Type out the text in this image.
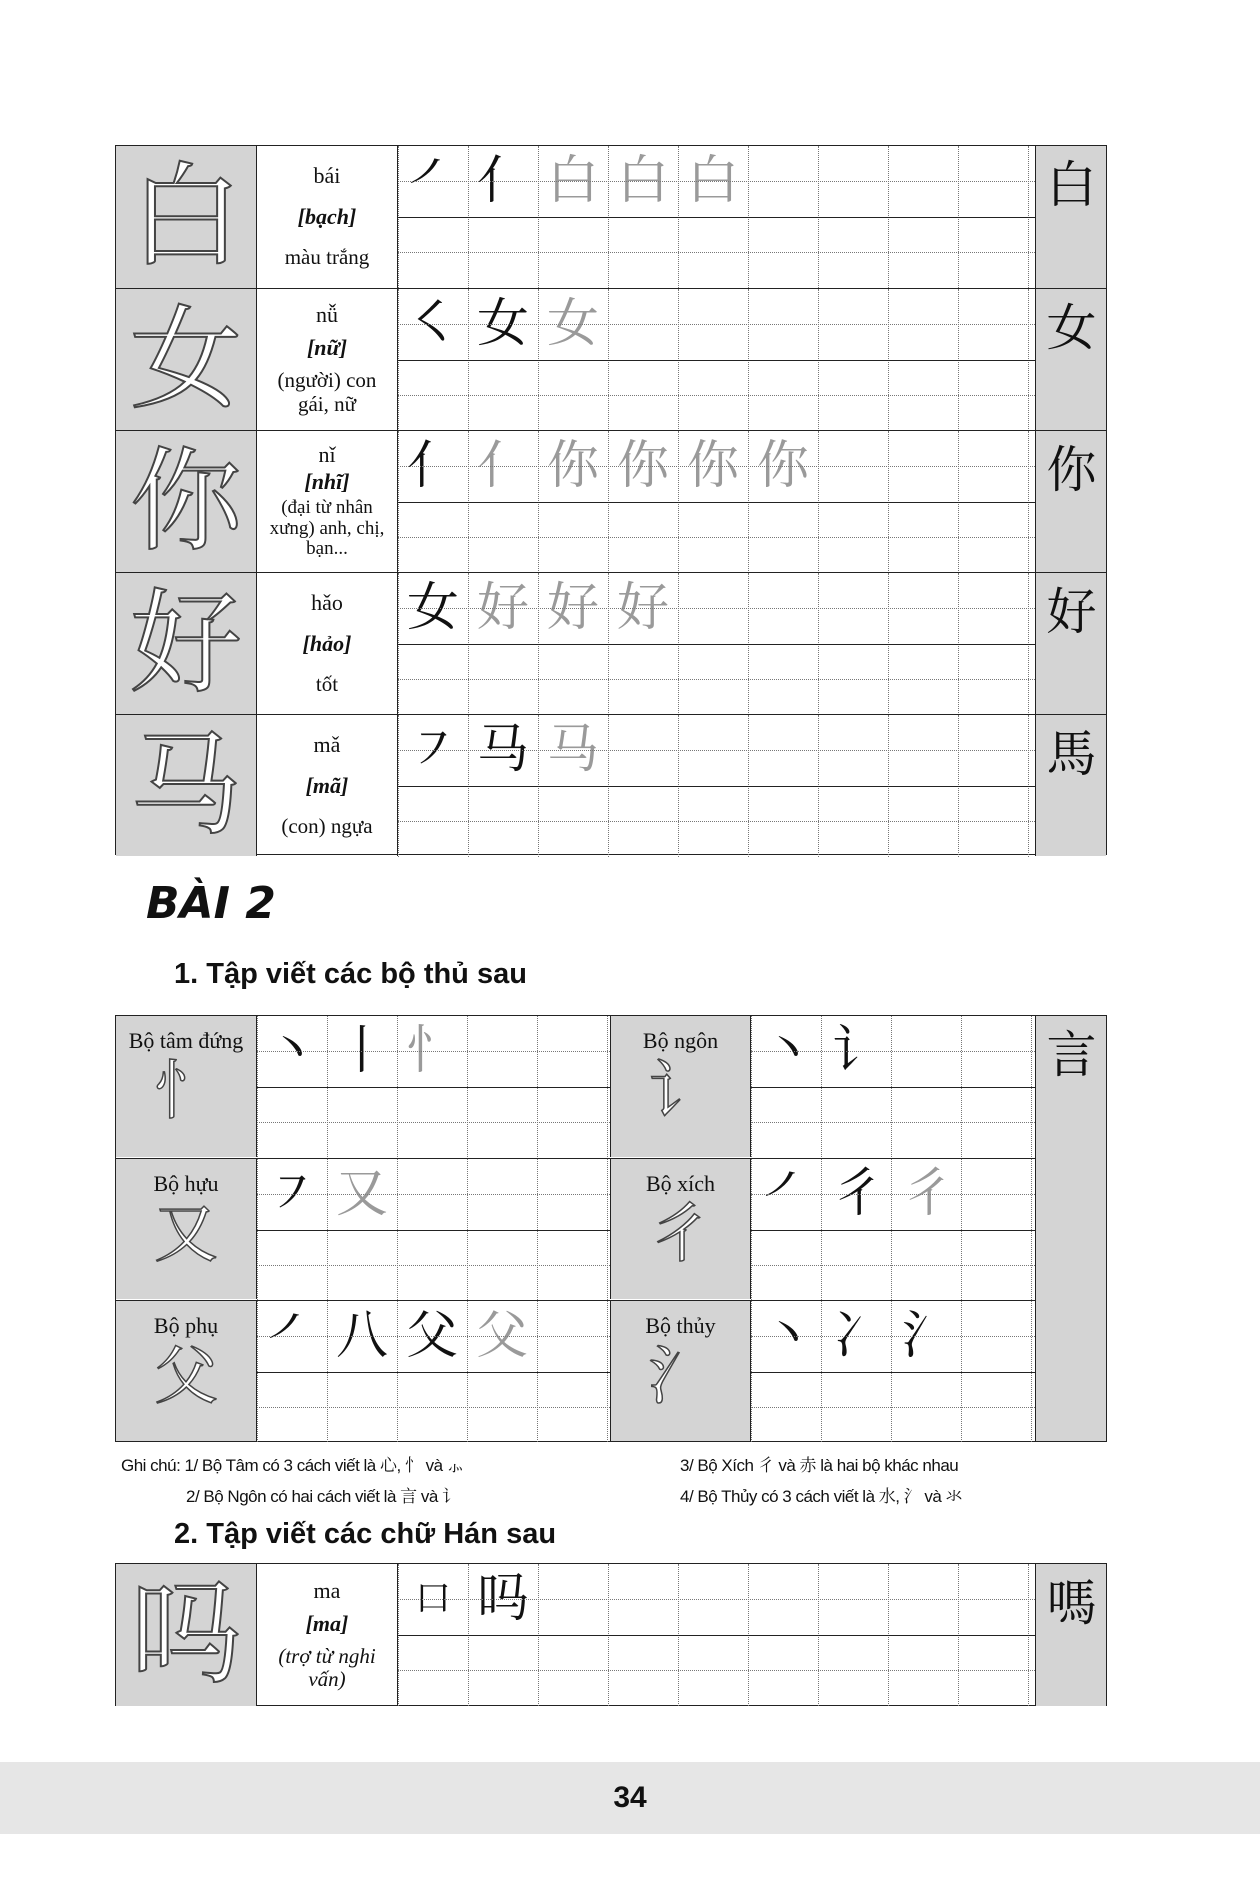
白	bái
[bạch]
màu trắng
㇒ 亻 白 白 白	白
女	nǚ
[nữ]
(người) con gái, nữ
㇛ 女 女	女
你	nǐ
[nhĩ]
(đại từ nhân xưng) anh, chị, bạn...
亻 亻 你 你 你 你	你
好	hǎo
[hảo]
tốt
女 好 好 好	好
马	mǎ
[mã]
(con) ngựa
㇇ 马 马	馬
BÀI 2
1. Tập viết các bộ thủ sau
Bộ tâm đứng
忄
丶 丨 忄	Bộ ngôn
讠
丶 讠
Bộ hựu
又
㇇ 又	Bộ xích
彳
㇒ 彳 彳
Bộ phụ
父
㇒ 八 父 父	Bộ thủy
氵
丶 冫 氵
言
Ghi chú: 1/ Bộ Tâm có 3 cách viết là 心, 忄 và ⺗
2/ Bộ Ngôn có hai cách viết là 言 và 讠
3/ Bộ Xích 彳 và 赤 là hai bộ khác nhau
4/ Bộ Thủy có 3 cách viết là 水, 氵 và 氺
2. Tập viết các chữ Hán sau
吗	ma
[ma]
(trợ từ nghi vấn)
口 吗	嗎
34
